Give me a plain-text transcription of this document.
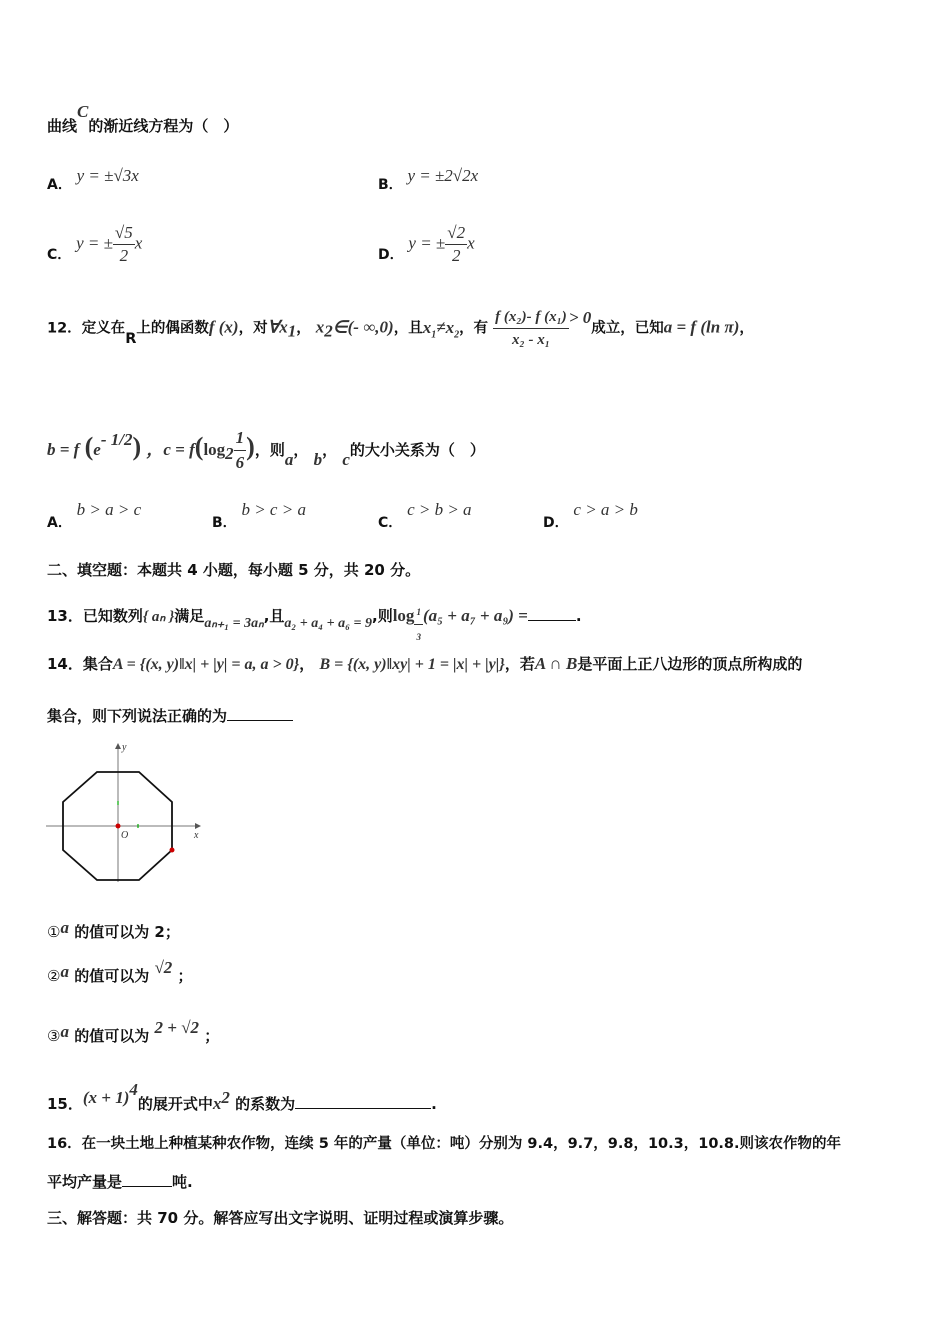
曲线C的渐近线方程为（　）
A． y = ±√3x	B． y = ±2√2x
C． y = ± $\frac{√5}{2}$ x
D． y = ± $\frac{√2}{2}$ x
12．定义在R上的偶函数f (x)，对$\forall x_1$， $x_2\in(-$ ∞,0)，且$x_1\ne x_2$，有 $\frac{\text{f (x₂)- f (x₁)}}{\text{x₂ - x₁}} > 0$成立，已知a = f (ln π)，
b = f $(e^{- 1/2})$ ，$c = f(\log_2 \frac{1}{6}$ )，则a， b， c的大小关系为（　）
A． b > a > c
B． b > c > a
C． c > b > a
D． c > a > b
二、填空题：本题共 4 小题，每小题 5 分，共 20 分。
13．已知数列{ aₙ }满足aₙ₊₁ = 3aₙ,且a₂ + a₄ + a₆ = 9,则$\log \frac{1}{3} (a_5 + a_7 + a_9)$ =	.
14．集合A = {(x, y)‖x| + |y| = a, a > 0}， B = {(x, y)‖xy| + 1 = |x| + |y|}，若A ∩ B是平面上正八边形的顶点所构成的
集合，则下列说法正确的为
y
x
O
①a 的值可以为 2；
②a 的值可以为 √2 ；
③a 的值可以为 2 + √2 ；
15．$(x + 1)^4$的展开式中$x^2$ 的系数为	.
16．在一块土地上种植某种农作物，连续 5 年的产量（单位：吨）分别为 9.4，9.7，9.8，10.3，10.8.则该农作物的年
平均产量是	吨.
三、解答题：共 70 分。解答应写出文字说明、证明过程或演算步骤。
